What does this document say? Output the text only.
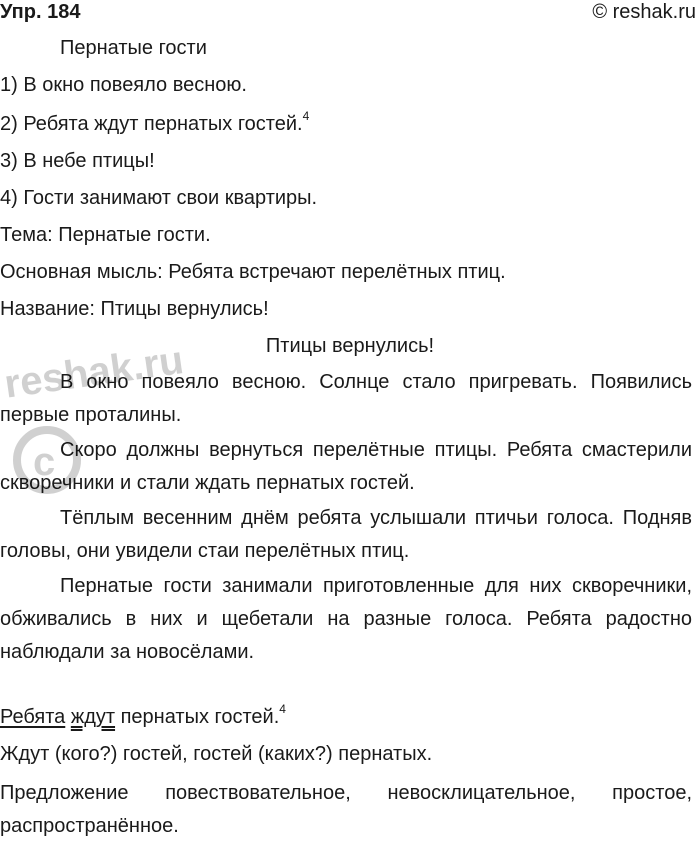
Упр. 184	© reshak.ru
Пернатые гости
1) В окно повеяло весною.
2) Ребята ждут пернатых гостей.$^4$
3) В небе птицы!
4) Гости занимают свои квартиры.
Тема: Пернатые гости.
Основная мысль: Ребята встречают перелётных птиц.
Название: Птицы вернулись!
Птицы вернулись!

В окно повеяло весною. Солнце стало пригревать. Появились первые проталины.

Скоро должны вернуться перелётные птицы. Ребята смастерили скворечники и стали ждать пернатых гостей.

Тёплым весенним днём ребята услышали птичьи голоса. Подняв головы, они увидели стаи перелётных птиц.

Пернатые гости занимали приготовленные для них скворечники, обживались в них и щебетали на разные голоса. Ребята радостно наблюдали за новосёлами.

Ребята ждут пернатых гостей.$^4$
Ждут (кого?) гостей, гостей (каких?) пернатых.

Предложение повествовательное, невосклицательное, простое, распространённое.

reshak.ru
c
